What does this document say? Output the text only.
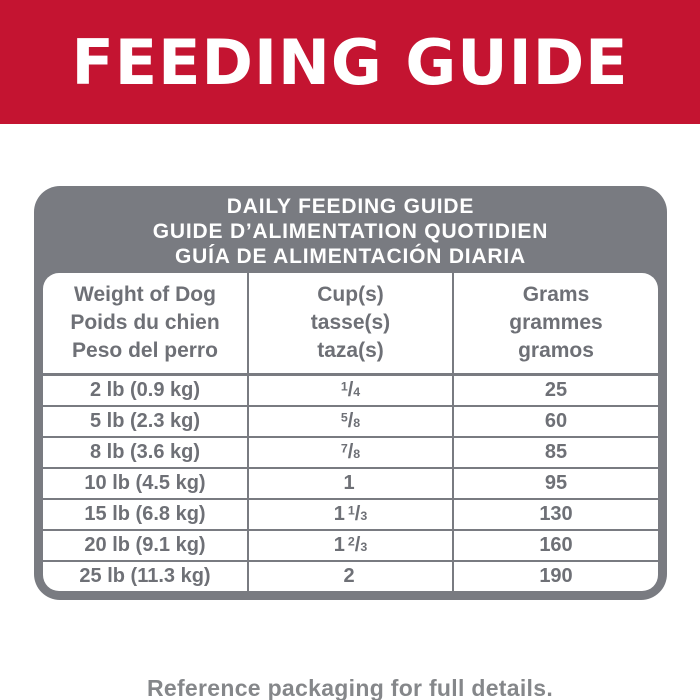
FEEDING GUIDE
DAILY FEEDING GUIDE
GUIDE D’ALIMENTATION QUOTIDIEN
GUÍA DE ALIMENTACIÓN DIARIA
Weight of Dog
Poids du chien
Peso del perro

Cup(s)
tasse(s)
taza(s)

Grams
grammes
gramos

2 lb (0.9 kg)	$^1$/4	25
5 lb (2.3 kg)	$^5$/8	60
8 lb (3.6 kg)	$^7$/8	85
10 lb (4.5 kg)	1	95
15 lb (6.8 kg)	1 $^1$/3	130
20 lb (9.1 kg)	1 $^2$/3	160
25 lb (11.3 kg)	2	190

Reference packaging for full details.
